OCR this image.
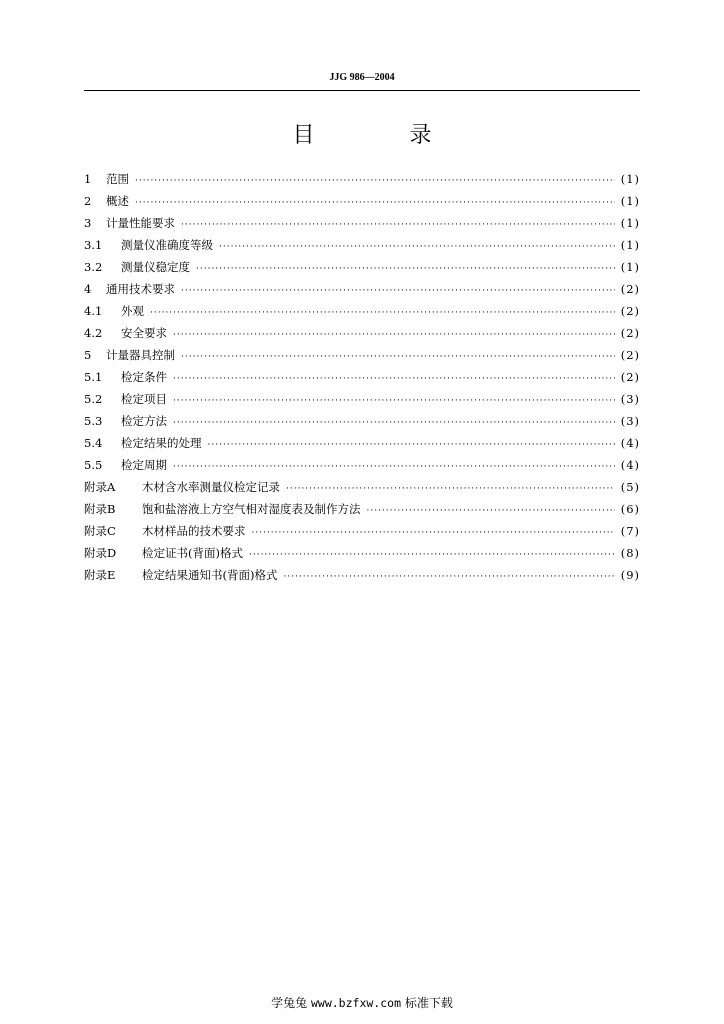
JJG 986—2004
目 录
1	范围 ·····	(1)
2	概述 ·····	(1)
3	计量性能要求 ·····	(1)
3.1	测量仪准确度等级 ·····	(1)
3.2	测量仪稳定度 ·····	(1)
4	通用技术要求 ·····	(2)
4.1	外观 ·····	(2)
4.2	安全要求 ·····	(2)
5	计量器具控制 ·····	(2)
5.1	检定条件 ·····	(2)
5.2	检定项目 ·····	(3)
5.3	检定方法 ·····	(3)
5.4	检定结果的处理 ·····	(4)
5.5	检定周期 ·····	(4)
附录A	木材含水率测量仪检定记录 ·····	(5)
附录B	饱和盐溶液上方空气相对湿度表及制作方法 ·····	(6)
附录C	木材样品的技术要求 ·····	(7)
附录D	检定证书(背面)格式 ·····	(8)
附录E	检定结果通知书(背面)格式 ·····	(9)
学兔兔 www.bzfxw.com 标准下载
